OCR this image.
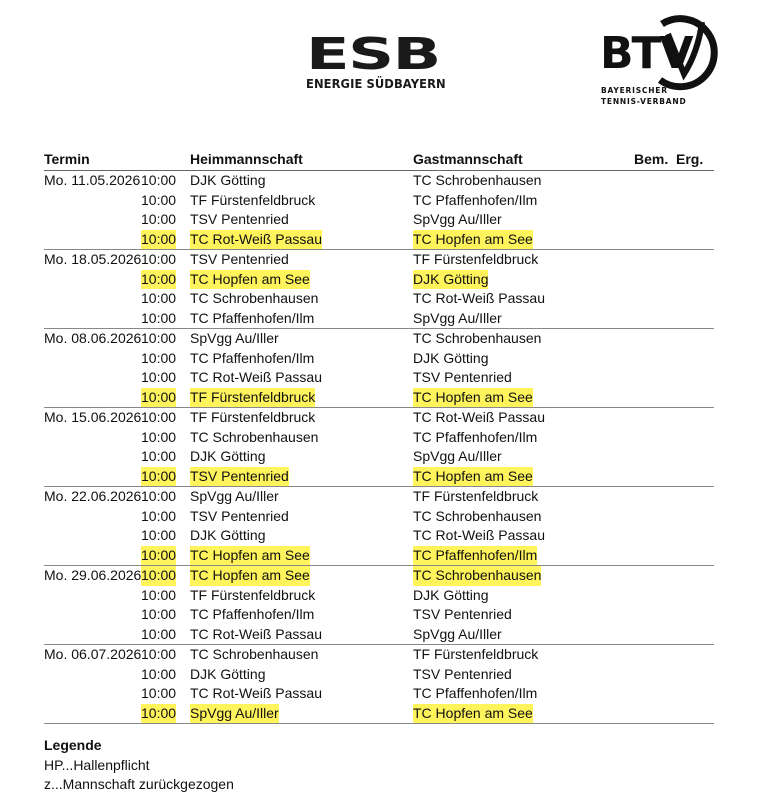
ESB
ENERGIE SÜDBAYERN
BTV
BAYERISCHER
TENNIS-VERBAND
Termin	Heimmannschaft	Gastmannschaft	Bem. Erg.
Mo. 11.05.2026 10:00 DJK Götting	TC Schrobenhausen
10:00 TF Fürstenfeldbruck	TC Pfaffenhofen/Ilm
10:00 TSV Pentenried	SpVgg Au/Iller
10:00 TC Rot-Weiß Passau	TC Hopfen am See
Mo. 18.05.2026 10:00 TSV Pentenried	TF Fürstenfeldbruck
10:00 TC Hopfen am See	DJK Götting
10:00 TC Schrobenhausen	TC Rot-Weiß Passau
10:00 TC Pfaffenhofen/Ilm	SpVgg Au/Iller
Mo. 08.06.2026 10:00 SpVgg Au/Iller	TC Schrobenhausen
10:00 TC Pfaffenhofen/Ilm	DJK Götting
10:00 TC Rot-Weiß Passau	TSV Pentenried
10:00 TF Fürstenfeldbruck	TC Hopfen am See
Mo. 15.06.2026 10:00 TF Fürstenfeldbruck	TC Rot-Weiß Passau
10:00 TC Schrobenhausen	TC Pfaffenhofen/Ilm
10:00 DJK Götting	SpVgg Au/Iller
10:00 TSV Pentenried	TC Hopfen am See
Mo. 22.06.2026 10:00 SpVgg Au/Iller	TF Fürstenfeldbruck
10:00 TSV Pentenried	TC Schrobenhausen
10:00 DJK Götting	TC Rot-Weiß Passau
10:00 TC Hopfen am See	TC Pfaffenhofen/Ilm
Mo. 29.06.2026 10:00 TC Hopfen am See	TC Schrobenhausen
10:00 TF Fürstenfeldbruck	DJK Götting
10:00 TC Pfaffenhofen/Ilm	TSV Pentenried
10:00 TC Rot-Weiß Passau	SpVgg Au/Iller
Mo. 06.07.2026 10:00 TC Schrobenhausen	TF Fürstenfeldbruck
10:00 DJK Götting	TSV Pentenried
10:00 TC Rot-Weiß Passau	TC Pfaffenhofen/Ilm
10:00 SpVgg Au/Iller	TC Hopfen am See
Legende
HP...Hallenpflicht
z...Mannschaft zurückgezogen
